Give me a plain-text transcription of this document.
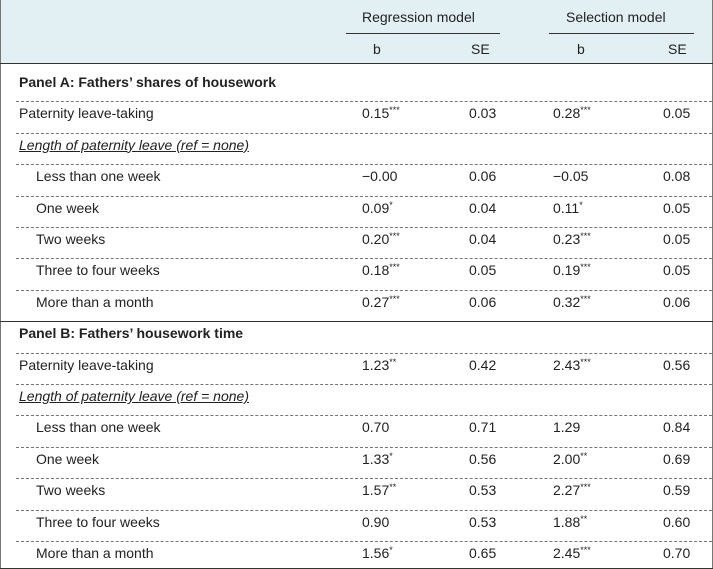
Regression model	Selection model
b	SE	b	SE
Panel A: Fathers’ shares of housework
Paternity leave-taking	0.15***	0.03	0.28***	0.05
Length of paternity leave (ref = none)
Less than one week	−0.00	0.06	−0.05	0.08
One week	0.09*	0.04	0.11*	0.05
Two weeks	0.20***	0.04	0.23***	0.05
Three to four weeks	0.18***	0.05	0.19***	0.05
More than a month	0.27***	0.06	0.32***	0.06
Panel B: Fathers’ housework time
Paternity leave-taking	1.23**	0.42	2.43***	0.56
Length of paternity leave (ref = none)
Less than one week	0.70	0.71	1.29	0.84
One week	1.33*	0.56	2.00**	0.69
Two weeks	1.57**	0.53	2.27***	0.59
Three to four weeks	0.90	0.53	1.88**	0.60
More than a month	1.56*	0.65	2.45***	0.70
